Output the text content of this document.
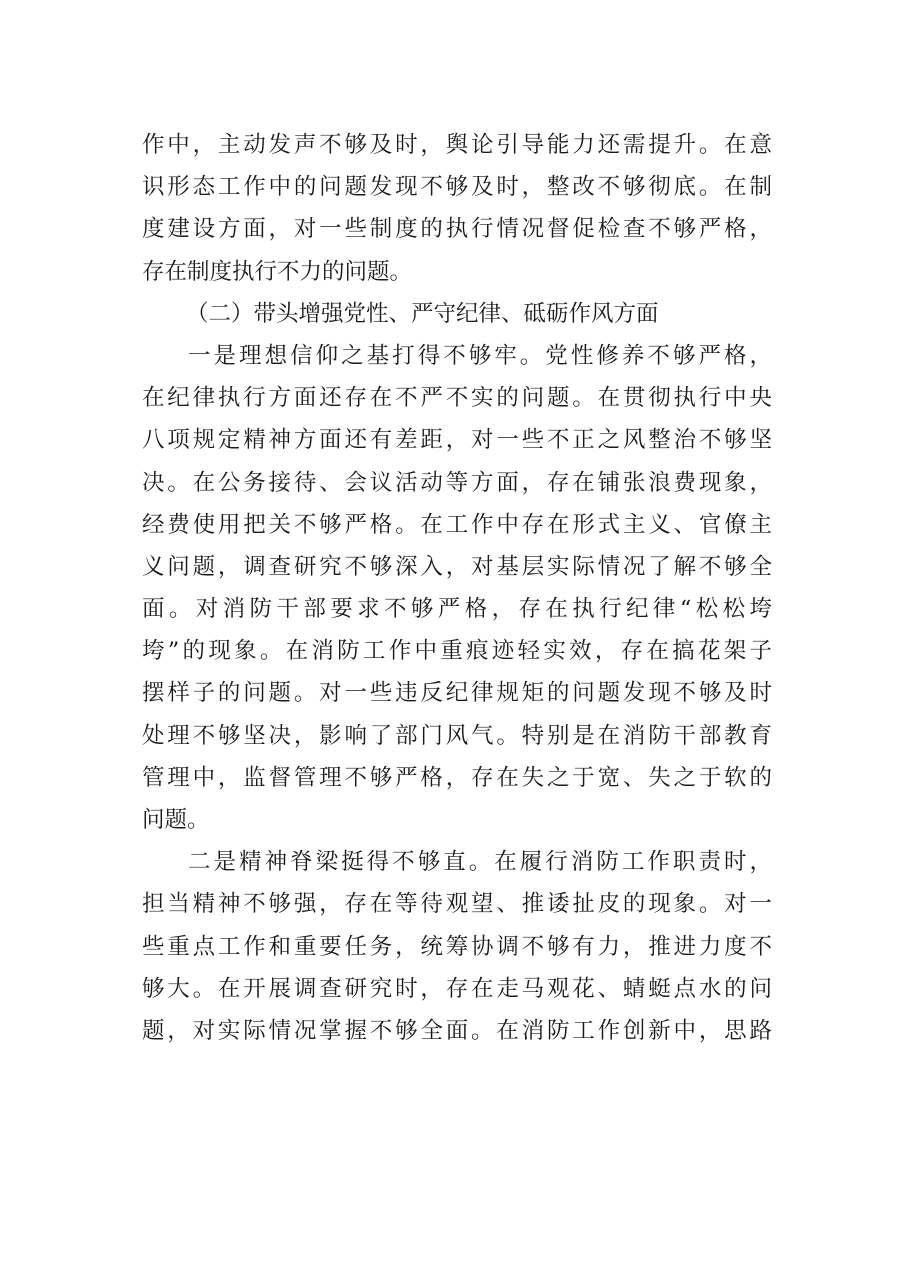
作中，主动发声不够及时，舆论引导能力还需提升。在意
识形态工作中的问题发现不够及时，整改不够彻底。在制
度建设方面，对一些制度的执行情况督促检查不够严格，
存在制度执行不力的问题。
（二）带头增强党性、严守纪律、砥砺作风方面
一是理想信仰之基打得不够牢。党性修养不够严格，
在纪律执行方面还存在不严不实的问题。在贯彻执行中央
八项规定精神方面还有差距，对一些不正之风整治不够坚
决。在公务接待、会议活动等方面，存在铺张浪费现象，
经费使用把关不够严格。在工作中存在形式主义、官僚主
义问题，调查研究不够深入，对基层实际情况了解不够全
面。对消防干部要求不够严格，存在执行纪律“松松垮
垮”的现象。在消防工作中重痕迹轻实效，存在搞花架子
摆样子的问题。对一些违反纪律规矩的问题发现不够及时
处理不够坚决，影响了部门风气。特别是在消防干部教育
管理中，监督管理不够严格，存在失之于宽、失之于软的
问题。
二是精神脊梁挺得不够直。在履行消防工作职责时，
担当精神不够强，存在等待观望、推诿扯皮的现象。对一
些重点工作和重要任务，统筹协调不够有力，推进力度不
够大。在开展调查研究时，存在走马观花、蜻蜓点水的问
题，对实际情况掌握不够全面。在消防工作创新中，思路
